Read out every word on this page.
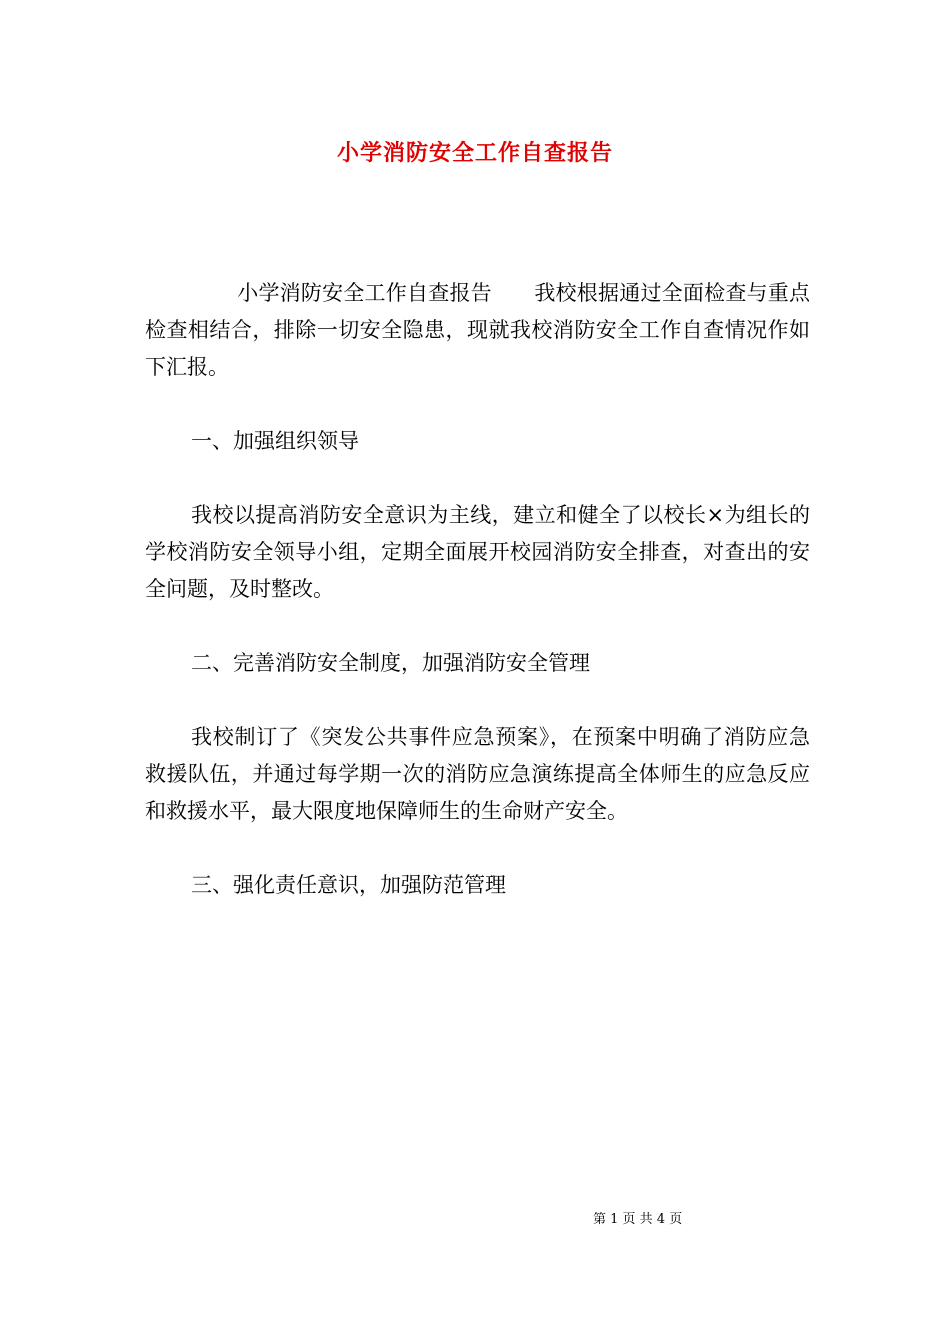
小学消防安全工作自查报告

小学消防安全工作自查报告　　我校根据通过全面检查与重点检查相结合，排除一切安全隐患，现就我校消防安全工作自查情况作如下汇报。

一、加强组织领导

我校以提高消防安全意识为主线，建立和健全了以校长×为组长的学校消防安全领导小组，定期全面展开校园消防安全排查，对查出的安全问题，及时整改。

二、完善消防安全制度，加强消防安全管理

我校制订了《突发公共事件应急预案》，在预案中明确了消防应急救援队伍，并通过每学期一次的消防应急演练提高全体师生的应急反应和救援水平，最大限度地保障师生的生命财产安全。

三、强化责任意识，加强防范管理

第 1 页 共 4 页
